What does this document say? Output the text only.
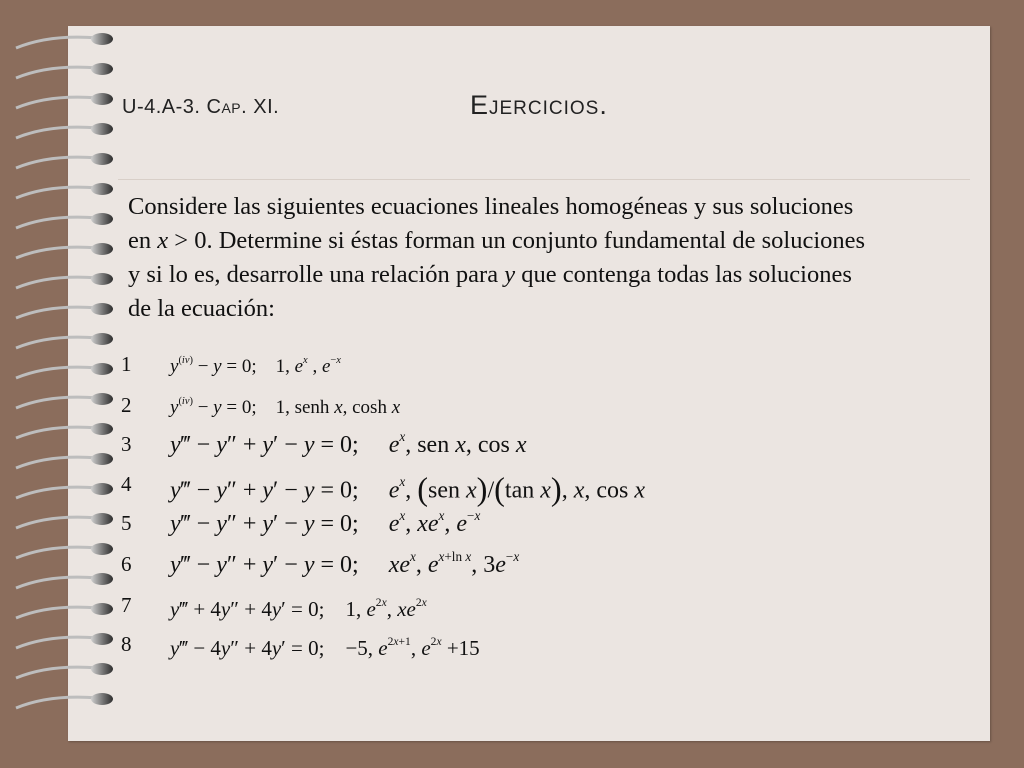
U-4.A-3. Cap. XI.	Ejercicios.
Considere las siguientes ecuaciones lineales homogéneas y sus soluciones
en x > 0. Determine si éstas forman un conjunto fundamental de soluciones
y si lo es, desarrolle una relación para y que contenga todas las soluciones
de la ecuación:
1 $y^{(iv)} - y = 0$;    1, $e^x$ , $e^{-x}$
2 $y^{(iv)} - y = 0$;    1, senh x, cosh x
3 y‴ − y″ + y′ − y = 0;     $e^x$, sen x, cos x
4 y‴ − y″ + y′ − y = 0;     $e^x$, (sen x)/(tan x), x, cos x
5 y‴ − y″ + y′ − y = 0;     $e^x$, $xe^x$, $e^{-x}$
6 y‴ − y″ + y′ − y = 0;     $xe^x$, $e^{x+ln x}$, $3e^{-x}$
7 y‴ + 4y″ + 4y′ = 0;    1, $e^{2x}$, $xe^{2x}$
8 y‴ − 4y″ + 4y′ = 0;    −5, $e^{2x+1}$, $e^{2x} +15$
